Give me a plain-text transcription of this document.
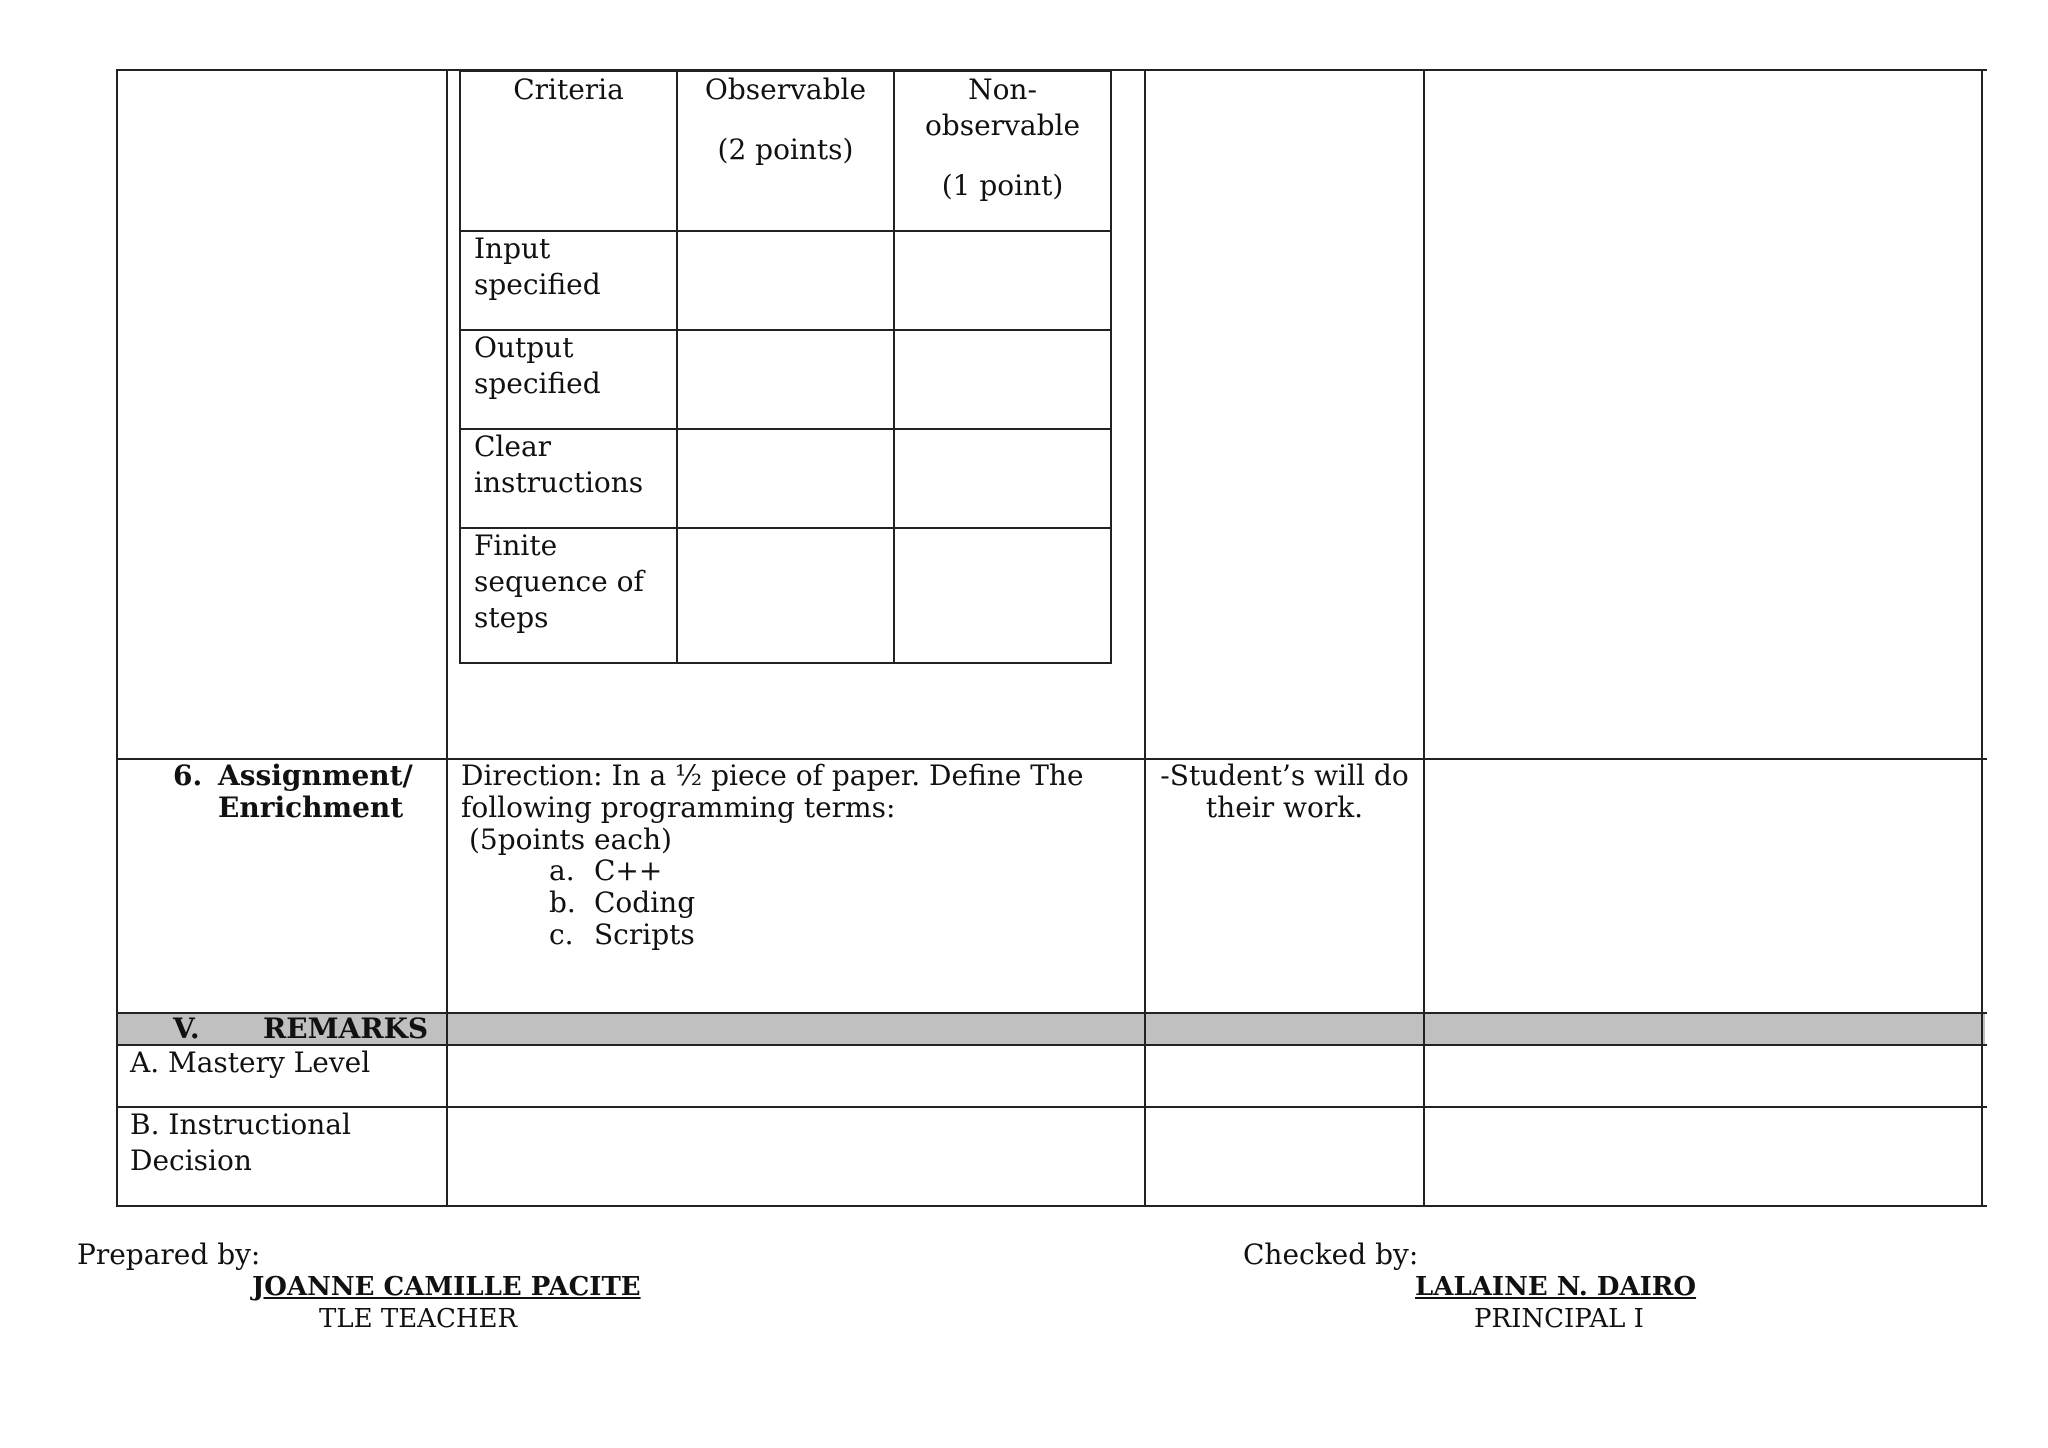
Criteria	Observable
(2 points)
Non-
observable
(1 point)
Input
specified
Output
specified
Clear
instructions
Finite
sequence of
steps
6. Assignment/
Enrichment
Direction: In a ½ piece of paper. Define The
following programming terms:
(5points each)
a. C++
b. Coding
c. Scripts
-Student’s will do
their work.
V. REMARKS
A. Mastery Level
B. Instructional
Decision
Prepared by:
JOANNE CAMILLE PACITE
TLE TEACHER
Checked by:
LALAINE N. DAIRO
PRINCIPAL I
